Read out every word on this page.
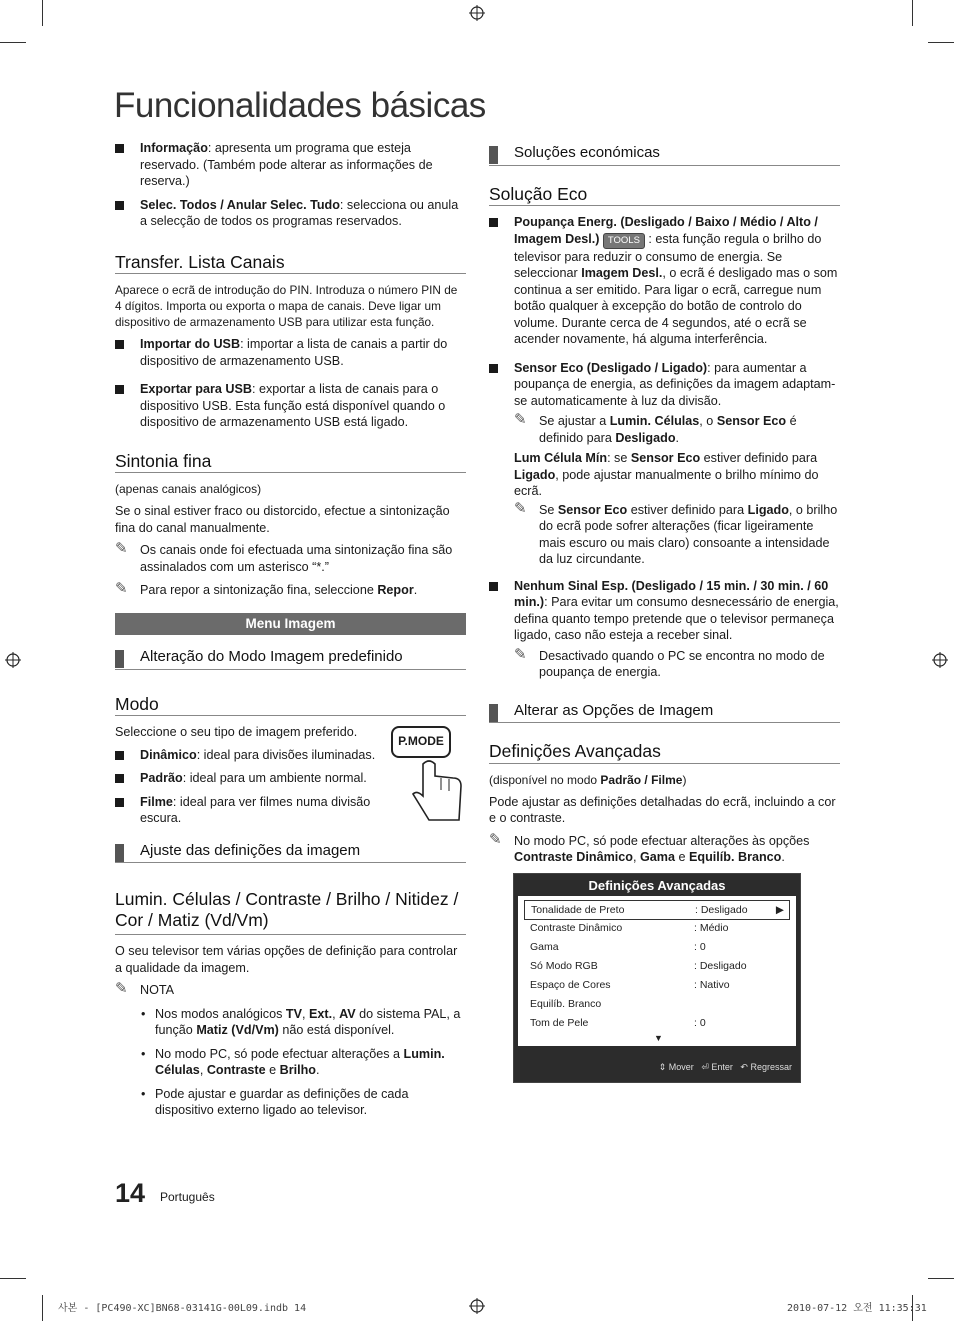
Funcionalidades básicas
Informação: apresenta um programa que esteja reservado. (Também pode alterar as informações de reserva.)
Selec. Todos / Anular Selec. Tudo: selecciona ou anula a selecção de todos os programas reservados.
Transfer. Lista Canais
Aparece o ecrã de introdução do PIN. Introduza o número PIN de 4 dígitos. Importa ou exporta o mapa de canais. Deve ligar um dispositivo de armazenamento USB para utilizar esta função.
Importar do USB: importar a lista de canais a partir do dispositivo de armazenamento USB.
Exportar para USB: exportar a lista de canais para o dispositivo USB. Esta função está disponível quando o dispositivo de armazenamento USB está ligado.
Sintonia fina
(apenas canais analógicos)
Se o sinal estiver fraco ou distorcido, efectue a sintonização fina do canal manualmente.
✎ Os canais onde foi efectuada uma sintonização fina são assinalados com um asterisco “*.”
✎ Para repor a sintonização fina, seleccione Repor.
Menu Imagem
Alteração do Modo Imagem predefinido
Modo
Seleccione o seu tipo de imagem preferido.
Dinâmico: ideal para divisões iluminadas.
Padrão: ideal para um ambiente normal.
Filme: ideal para ver filmes numa divisão escura.
P.MODE
Ajuste das definições da imagem
Lumin. Células / Contraste / Brilho / Nitidez / Cor / Matiz (Vd/Vm)
O seu televisor tem várias opções de definição para controlar a qualidade da imagem.
✎ NOTA
• Nos modos analógicos TV, Ext., AV do sistema PAL, a função Matiz (Vd/Vm) não está disponível.
• No modo PC, só pode efectuar alterações a Lumin. Células, Contraste e Brilho.
• Pode ajustar e guardar as definições de cada dispositivo externo ligado ao televisor.
Soluções económicas
Solução Eco
Poupança Energ. (Desligado / Baixo / Médio / Alto / Imagem Desl.) TOOLS : esta função regula o brilho do televisor para reduzir o consumo de energia. Se seleccionar Imagem Desl., o ecrã é desligado mas o som continua a ser emitido. Para ligar o ecrã, carregue num botão qualquer à excepção do botão de controlo do volume. Durante cerca de 4 segundos, até o ecrã se acender novamente, há alguma interferência.
Sensor Eco (Desligado / Ligado): para aumentar a poupança de energia, as definições da imagem adaptam-se automaticamente à luz da divisão.
✎ Se ajustar a Lumin. Células, o Sensor Eco é definido para Desligado.
Lum Célula Mín: se Sensor Eco estiver definido para Ligado, pode ajustar manualmente o brilho mínimo do ecrã.
✎ Se Sensor Eco estiver definido para Ligado, o brilho do ecrã pode sofrer alterações (ficar ligeiramente mais escuro ou mais claro) consoante a intensidade da luz circundante.
Nenhum Sinal Esp. (Desligado / 15 min. / 30 min. / 60 min.): Para evitar um consumo desnecessário de energia, defina quanto tempo pretende que o televisor permaneça ligado, caso não esteja a receber sinal.
✎ Desactivado quando o PC se encontra no modo de poupança de energia.
Alterar as Opções de Imagem
Definições Avançadas
(disponível no modo Padrão / Filme)
Pode ajustar as definições detalhadas do ecrã, incluindo a cor e o contraste.
✎ No modo PC, só pode efectuar alterações às opções Contraste Dinâmico, Gama e Equilíb. Branco.
Definições Avançadas
Tonalidade de Preto	: Desligado	▶
Contraste Dinâmico	: Médio
Gama	: 0
Só Modo RGB	: Desligado
Espaço de Cores	: Nativo
Equilíb. Branco
Tom de Pele	: 0
▼
⇕ Mover ⏎ Enter ↶ Regressar
14 Português
사본 - [PC490-XC]BN68-03141G-00L09.indb 14	2010-07-12 오전 11:35:31
